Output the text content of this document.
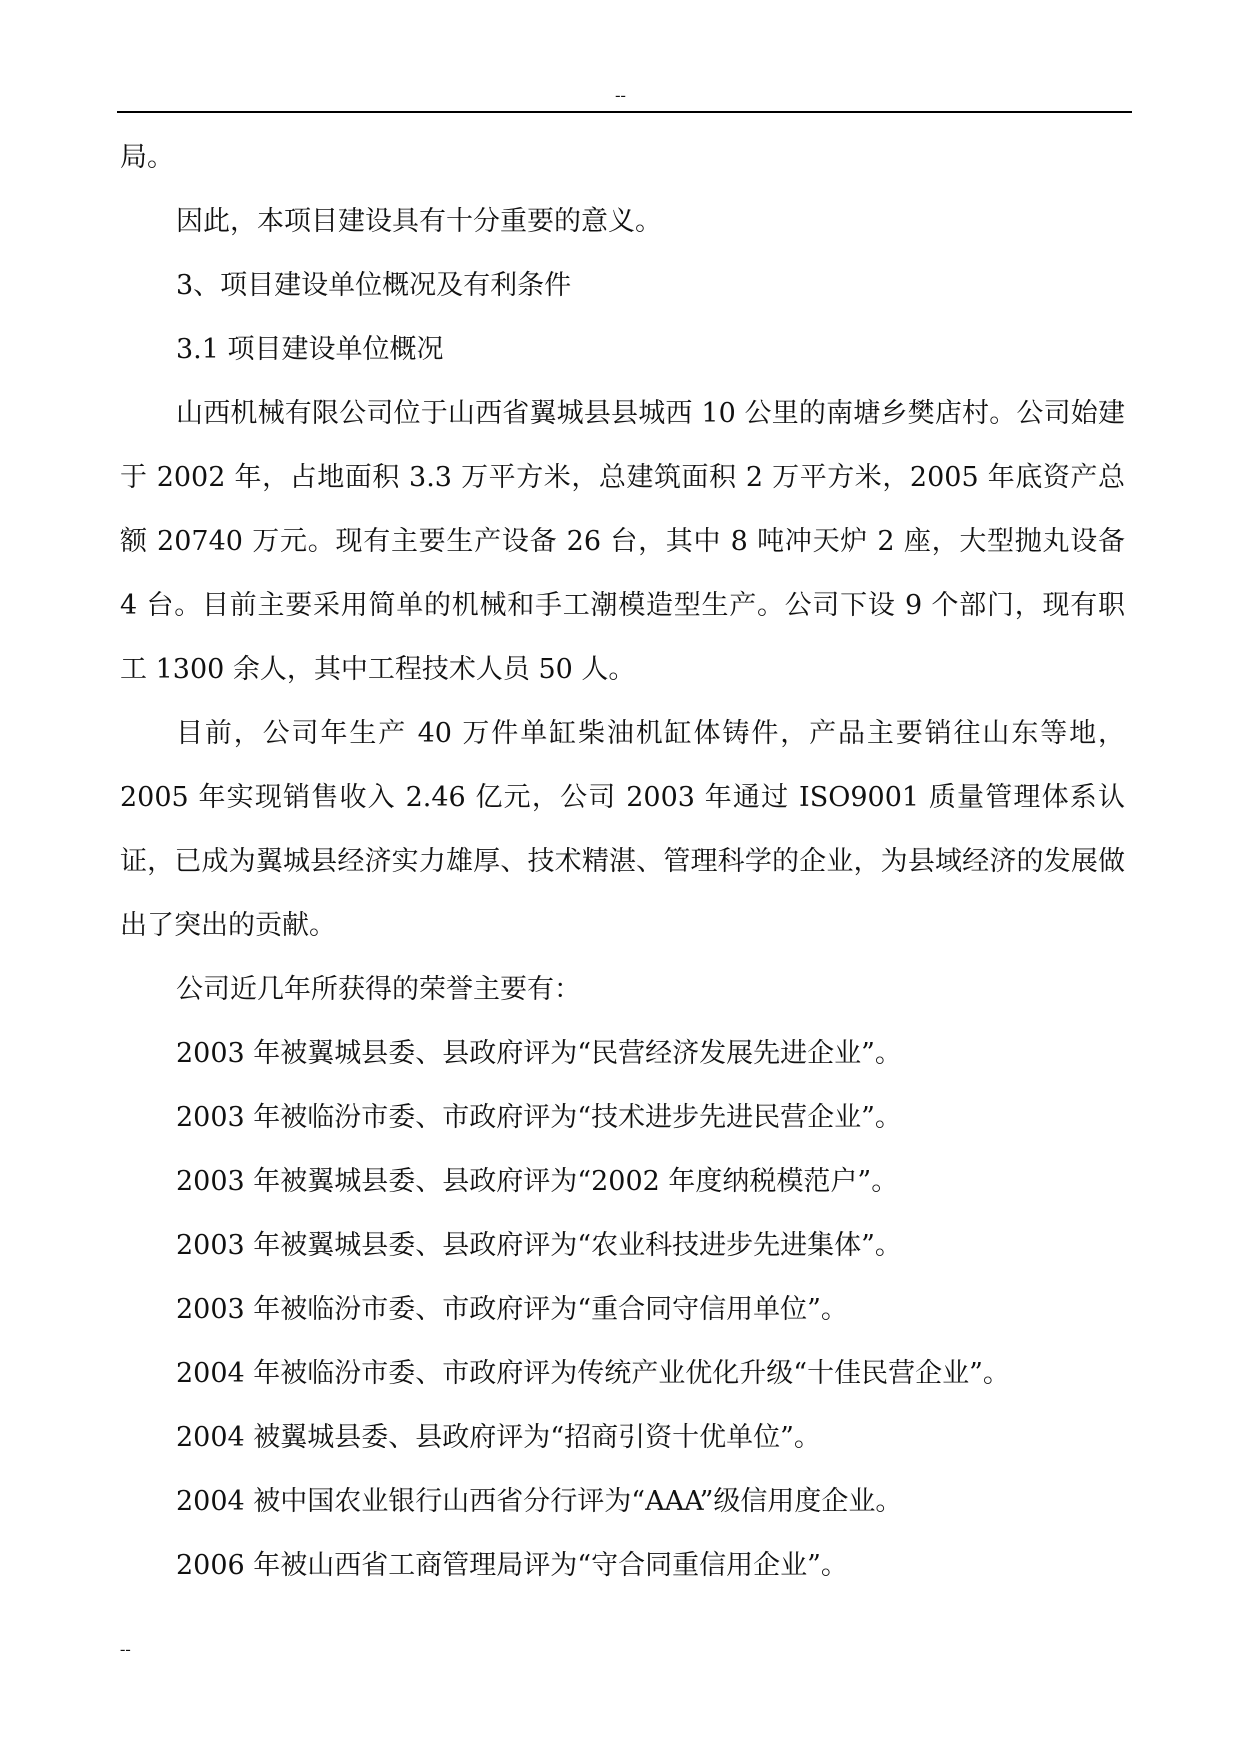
--

局。

因此，本项目建设具有十分重要的意义。

3、项目建设单位概况及有利条件

3.1 项目建设单位概况

山西机械有限公司位于山西省翼城县县城西 10 公里的南塘乡樊店村。公司始建于 2002 年，占地面积 3.3 万平方米，总建筑面积 2 万平方米，2005 年底资产总额 20740 万元。现有主要生产设备 26 台，其中 8 吨冲天炉 2 座，大型抛丸设备 4 台。目前主要采用简单的机械和手工潮模造型生产。公司下设 9 个部门，现有职工 1300 余人，其中工程技术人员 50 人。

目前，公司年生产 40 万件单缸柴油机缸体铸件，产品主要销往山东等地，2005 年实现销售收入 2.46 亿元，公司 2003 年通过 ISO9001 质量管理体系认证，已成为翼城县经济实力雄厚、技术精湛、管理科学的企业，为县域经济的发展做出了突出的贡献。

公司近几年所获得的荣誉主要有：

2003 年被翼城县委、县政府评为“民营经济发展先进企业”。

2003 年被临汾市委、市政府评为“技术进步先进民营企业”。

2003 年被翼城县委、县政府评为“2002 年度纳税模范户”。

2003 年被翼城县委、县政府评为“农业科技进步先进集体”。

2003 年被临汾市委、市政府评为“重合同守信用单位”。

2004 年被临汾市委、市政府评为传统产业优化升级“十佳民营企业”。

2004 被翼城县委、县政府评为“招商引资十优单位”。

2004 被中国农业银行山西省分行评为“AAA”级信用度企业。

2006 年被山西省工商管理局评为“守合同重信用企业”。

--
